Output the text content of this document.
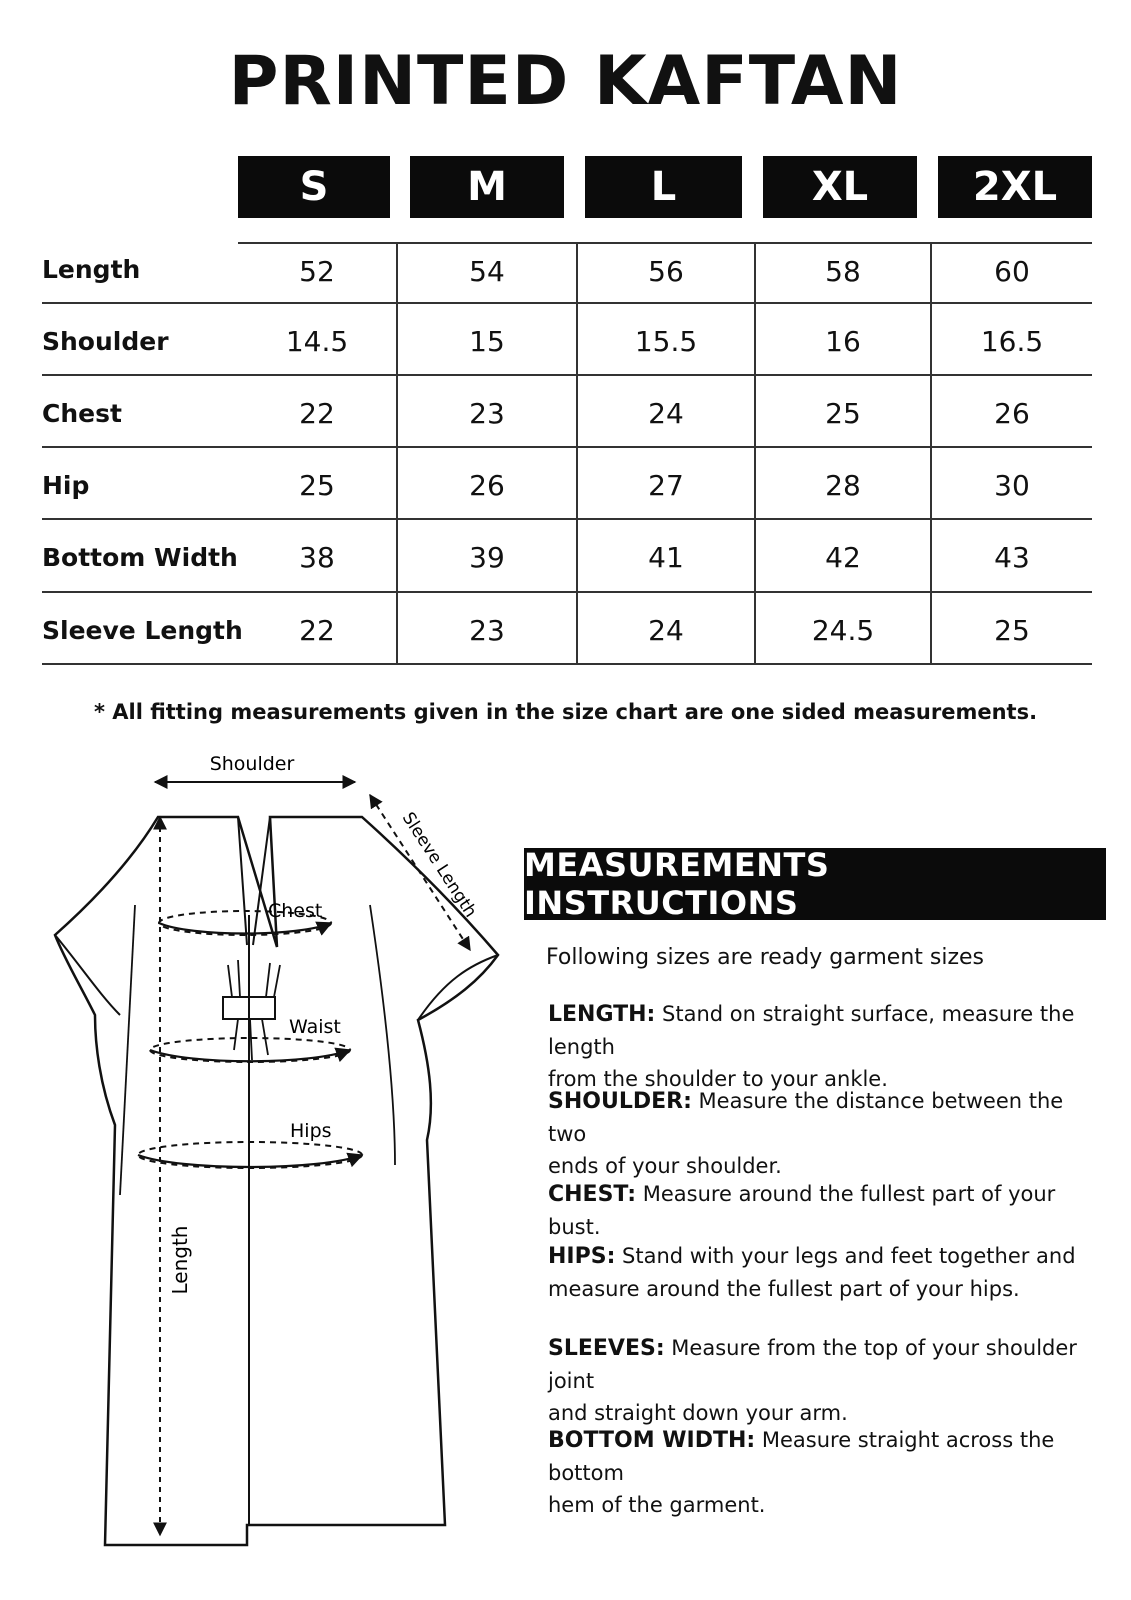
PRINTED KAFTAN
S	M	L	XL	2XL
Length	52	54	56	58	60
Shoulder	14.5	15	15.5	16	16.5
Chest	22	23	24	25	26
Hip	25	26	27	28	30
Bottom Width	38	39	41	42	43
Sleeve Length	22	23	24	24.5	25
* All fitting measurements given in the size chart are one sided measurements.
Shoulder
Sleeve Length
Chest
Waist
Hips
Length
MEASUREMENTS INSTRUCTIONS
Following sizes are ready garment sizes
LENGTH: Stand on straight surface, measure the length
from the shoulder to your ankle.
SHOULDER: Measure the distance between the two
ends of your shoulder.
CHEST: Measure around the fullest part of your bust.
HIPS: Stand with your legs and feet together and
measure around the fullest part of your hips.
SLEEVES: Measure from the top of your shoulder joint
and straight down your arm.
BOTTOM WIDTH: Measure straight across the bottom
hem of the garment.
